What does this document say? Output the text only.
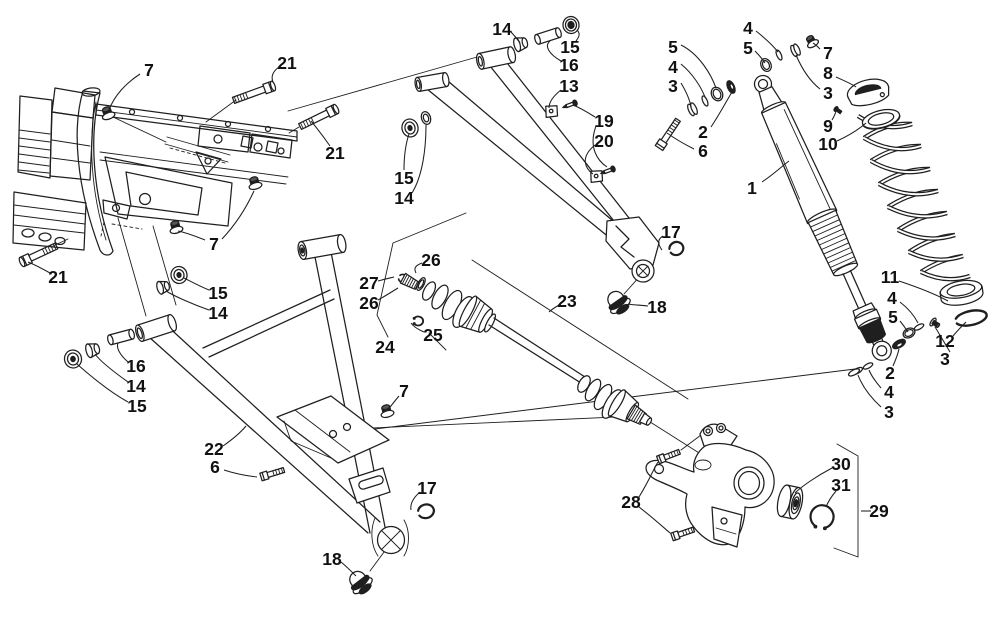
7	21
21
21
7
15
14
14
15
16
13
19
20
5
4
3
2
6
4
5	7
8
3
9
10
1
11
4
5
12
3
2
4
3
17
18
23
26
27
26
25
24
15
14
16
14
15
22
6
7
17
18
28
30
31
29
